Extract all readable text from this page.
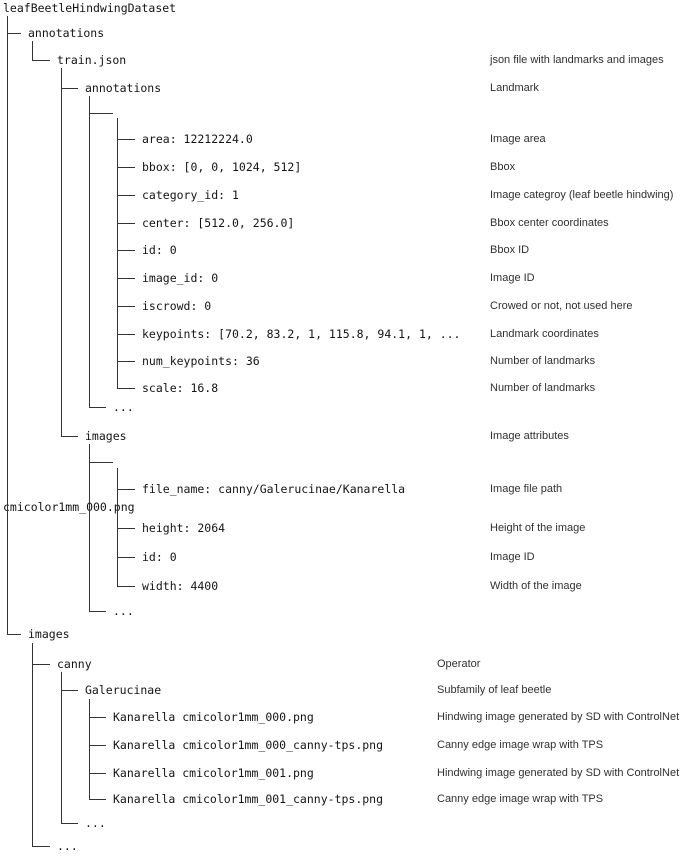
leafBeetleHindwingDataset
annotations
train.json
annotations
area: 12212224.0
bbox: [0, 0, 1024, 512]
category_id: 1
center: [512.0, 256.0]
id: 0
image_id: 0
iscrowd: 0
keypoints: [70.2, 83.2, 1, 115.8, 94.1, 1, ...
num_keypoints: 36
scale: 16.8
...
images
file_name: canny/Galerucinae/Kanarella
cmicolor1mm_000.png
height: 2064
id: 0
width: 4400
...
images
canny
Galerucinae
Kanarella cmicolor1mm_000.png
Kanarella cmicolor1mm_000_canny-tps.png
Kanarella cmicolor1mm_001.png
Kanarella cmicolor1mm_001_canny-tps.png
...
...
json file with landmarks and images
Landmark
Image area
Bbox
Image categroy (leaf beetle hindwing)
Bbox center coordinates
Bbox ID
Image ID
Crowed or not, not used here
Landmark coordinates
Number of landmarks
Number of landmarks
Image attributes
Image file path
Height of the image
Image ID
Width of the image
Operator
Subfamily of leaf beetle
Hindwing image generated by SD with ControlNet
Canny edge image wrap with TPS
Hindwing image generated by SD with ControlNet
Canny edge image wrap with TPS
